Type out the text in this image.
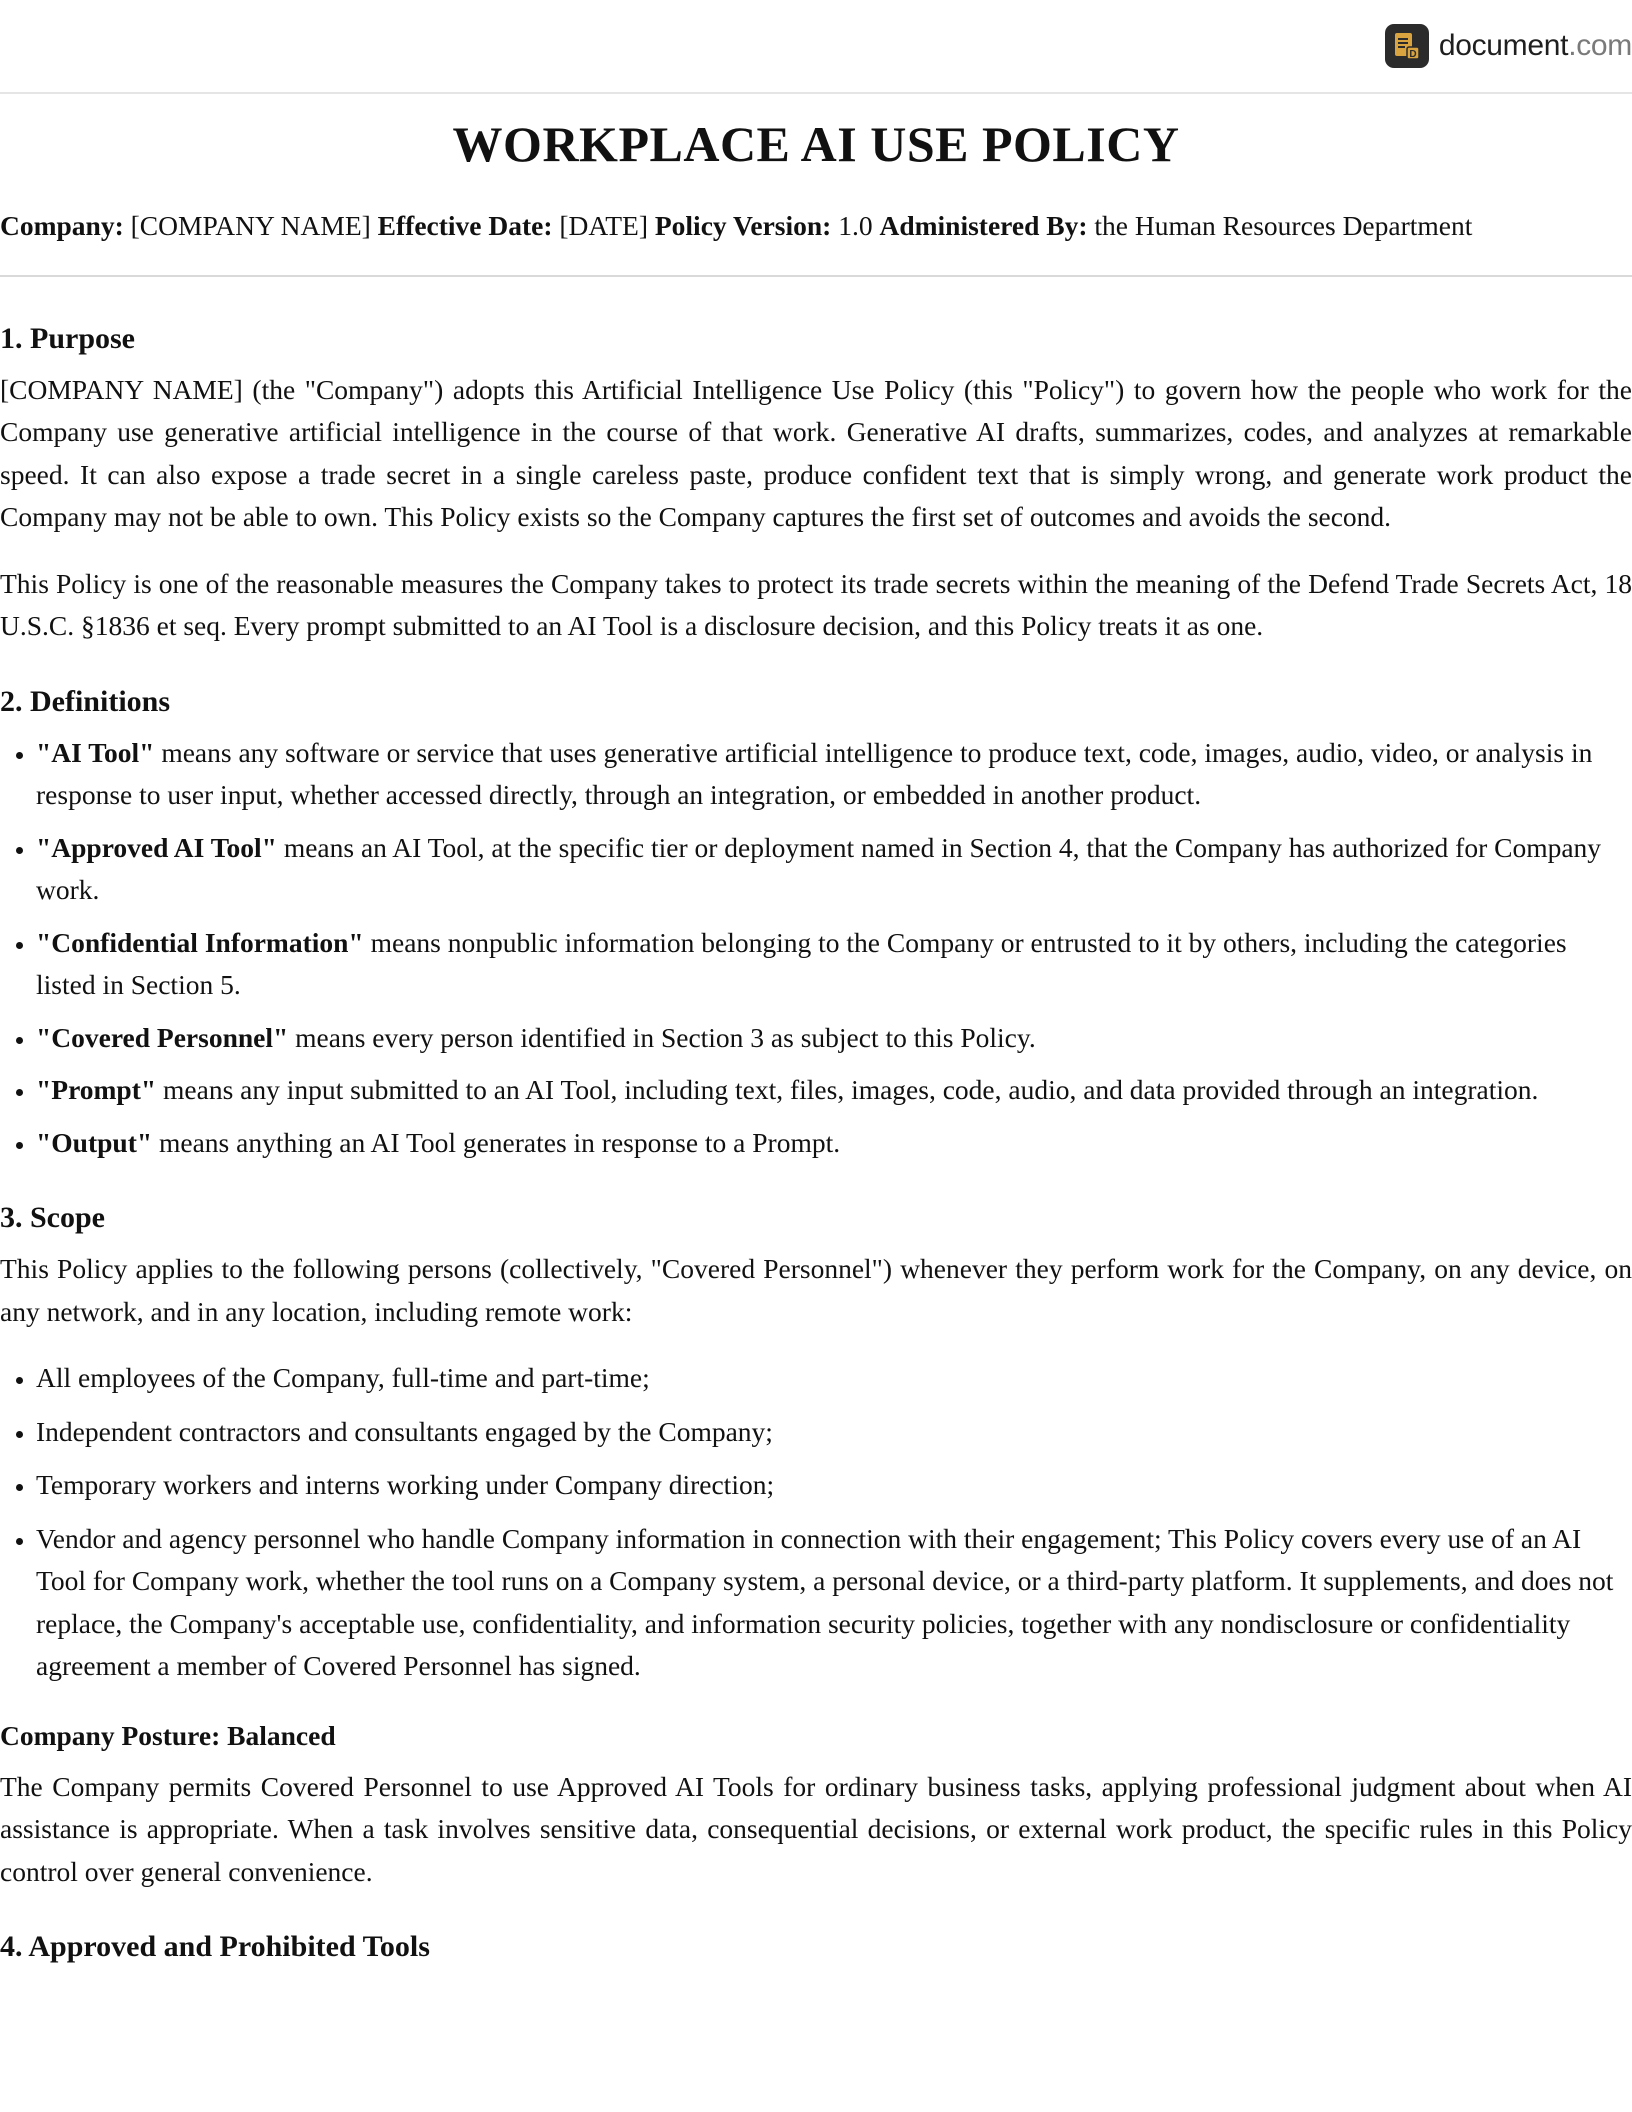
D document.com
WORKPLACE AI USE POLICY
Company: [COMPANY NAME] Effective Date: [DATE] Policy Version: 1.0 Administered By: the Human Resources Department
1. Purpose

[COMPANY NAME] (the "Company") adopts this Artificial Intelligence Use Policy (this "Policy") to govern how the people who work for the Company use generative artificial intelligence in the course of that work. Generative AI drafts, summarizes, codes, and analyzes at remarkable speed. It can also expose a trade secret in a single careless paste, produce confident text that is simply wrong, and generate work product the Company may not be able to own. This Policy exists so the Company captures the first set of outcomes and avoids the second.

This Policy is one of the reasonable measures the Company takes to protect its trade secrets within the meaning of the Defend Trade Secrets Act, 18 U.S.C. §1836 et seq. Every prompt submitted to an AI Tool is a disclosure decision, and this Policy treats it as one.

2. Definitions
• "AI Tool" means any software or service that uses generative artificial intelligence to produce text, code, images, audio, video, or analysis in response to user input, whether accessed directly, through an integration, or embedded in another product.
• "Approved AI Tool" means an AI Tool, at the specific tier or deployment named in Section 4, that the Company has authorized for Company work.
• "Confidential Information" means nonpublic information belonging to the Company or entrusted to it by others, including the categories listed in Section 5.
• "Covered Personnel" means every person identified in Section 3 as subject to this Policy.
• "Prompt" means any input submitted to an AI Tool, including text, files, images, code, audio, and data provided through an integration.
• "Output" means anything an AI Tool generates in response to a Prompt.
3. Scope

This Policy applies to the following persons (collectively, "Covered Personnel") whenever they perform work for the Company, on any device, on any network, and in any location, including remote work:

• All employees of the Company, full-time and part-time;
• Independent contractors and consultants engaged by the Company;
• Temporary workers and interns working under Company direction;
• Vendor and agency personnel who handle Company information in connection with their engagement; This Policy covers every use of an AI Tool for Company work, whether the tool runs on a Company system, a personal device, or a third-party platform. It supplements, and does not replace, the Company's acceptable use, confidentiality, and information security policies, together with any nondisclosure or confidentiality agreement a member of Covered Personnel has signed.
Company Posture: Balanced

The Company permits Covered Personnel to use Approved AI Tools for ordinary business tasks, applying professional judgment about when AI assistance is appropriate. When a task involves sensitive data, consequential decisions, or external work product, the specific rules in this Policy control over general convenience.

4. Approved and Prohibited Tools
